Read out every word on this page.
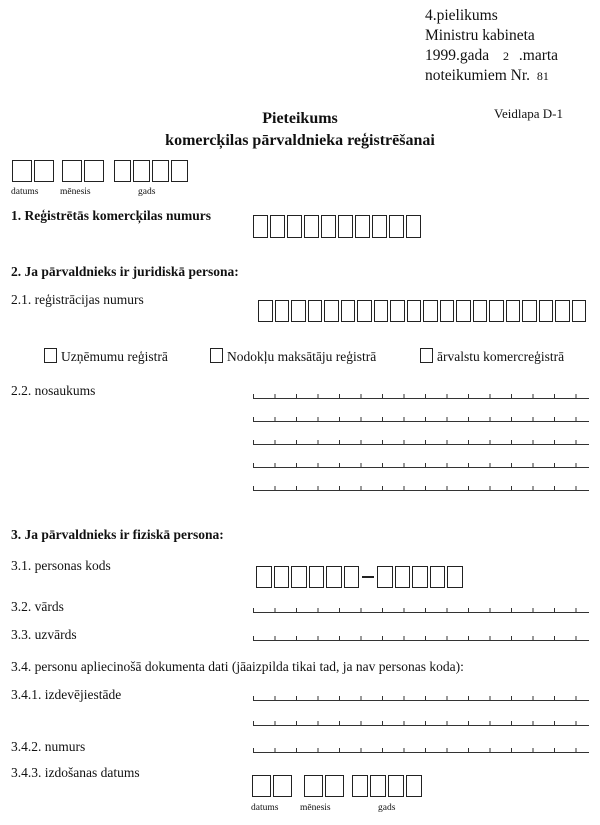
4.pielikums
Ministru kabineta
1999.gada 2 .marta
noteikumiem Nr. 81
Veidlapa D-1
Pieteikums
komercķilas pārvaldnieka reģistrēšanai
datums mēnesis	gads
1. Reģistrētās komercķilas numurs
2. Ja pārvaldnieks ir juridiskā persona:
2.1. reģistrācijas numurs
Uzņēmumu reģistrā	Nodokļu maksātāju reģistrā	ārvalstu komercreģistrā
2.2. nosaukums
3. Ja pārvaldnieks ir fiziskā persona:
3.1. personas kods
3.2. vārds
3.3. uzvārds
3.4. personu apliecinošā dokumenta dati (jāaizpilda tikai tad, ja nav personas koda):
3.4.1. izdevējiestāde
3.4.2. numurs
3.4.3. izdošanas datums
datums mēnesis	gads
